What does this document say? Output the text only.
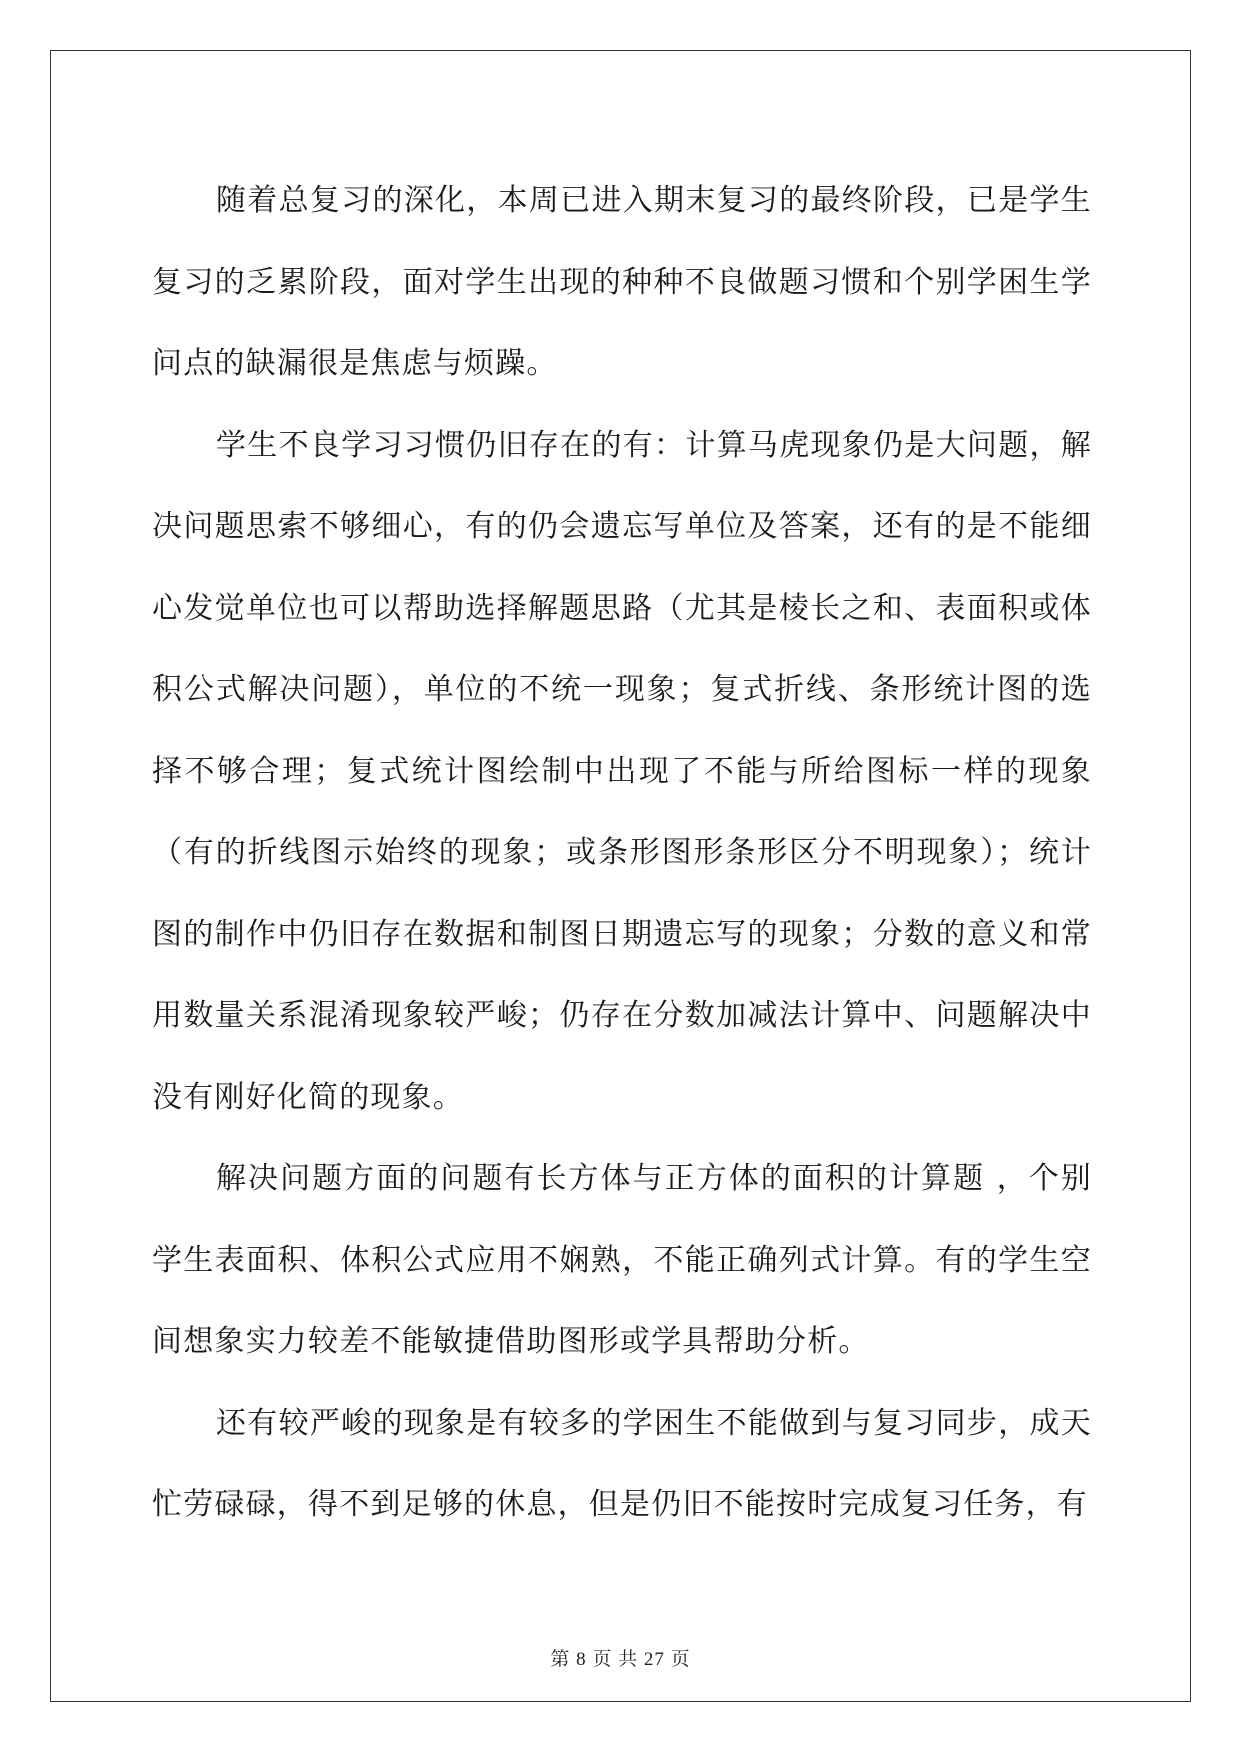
随着总复习的深化，本周已进入期末复习的最终阶段，已是学生复习的乏累阶段，面对学生出现的种种不良做题习惯和个别学困生学问点的缺漏很是焦虑与烦躁。

学生不良学习习惯仍旧存在的有：计算马虎现象仍是大问题，解决问题思索不够细心，有的仍会遗忘写单位及答案，还有的是不能细心发觉单位也可以帮助选择解题思路（尤其是棱长之和、表面积或体积公式解决问题），单位的不统一现象；复式折线、条形统计图的选择不够合理；复式统计图绘制中出现了不能与所给图标一样的现象（有的折线图示始终的现象；或条形图形条形区分不明现象）；统计图的制作中仍旧存在数据和制图日期遗忘写的现象；分数的意义和常用数量关系混淆现象较严峻；仍存在分数加减法计算中、问题解决中没有刚好化简的现象。

解决问题方面的问题有长方体与正方体的面积的计算题 ，个别学生表面积、体积公式应用不娴熟，不能正确列式计算。有的学生空间想象实力较差不能敏捷借助图形或学具帮助分析。

还有较严峻的现象是有较多的学困生不能做到与复习同步，成天忙劳碌碌，得不到足够的休息，但是仍旧不能按时完成复习任务，有

第 8 页 共 27 页
